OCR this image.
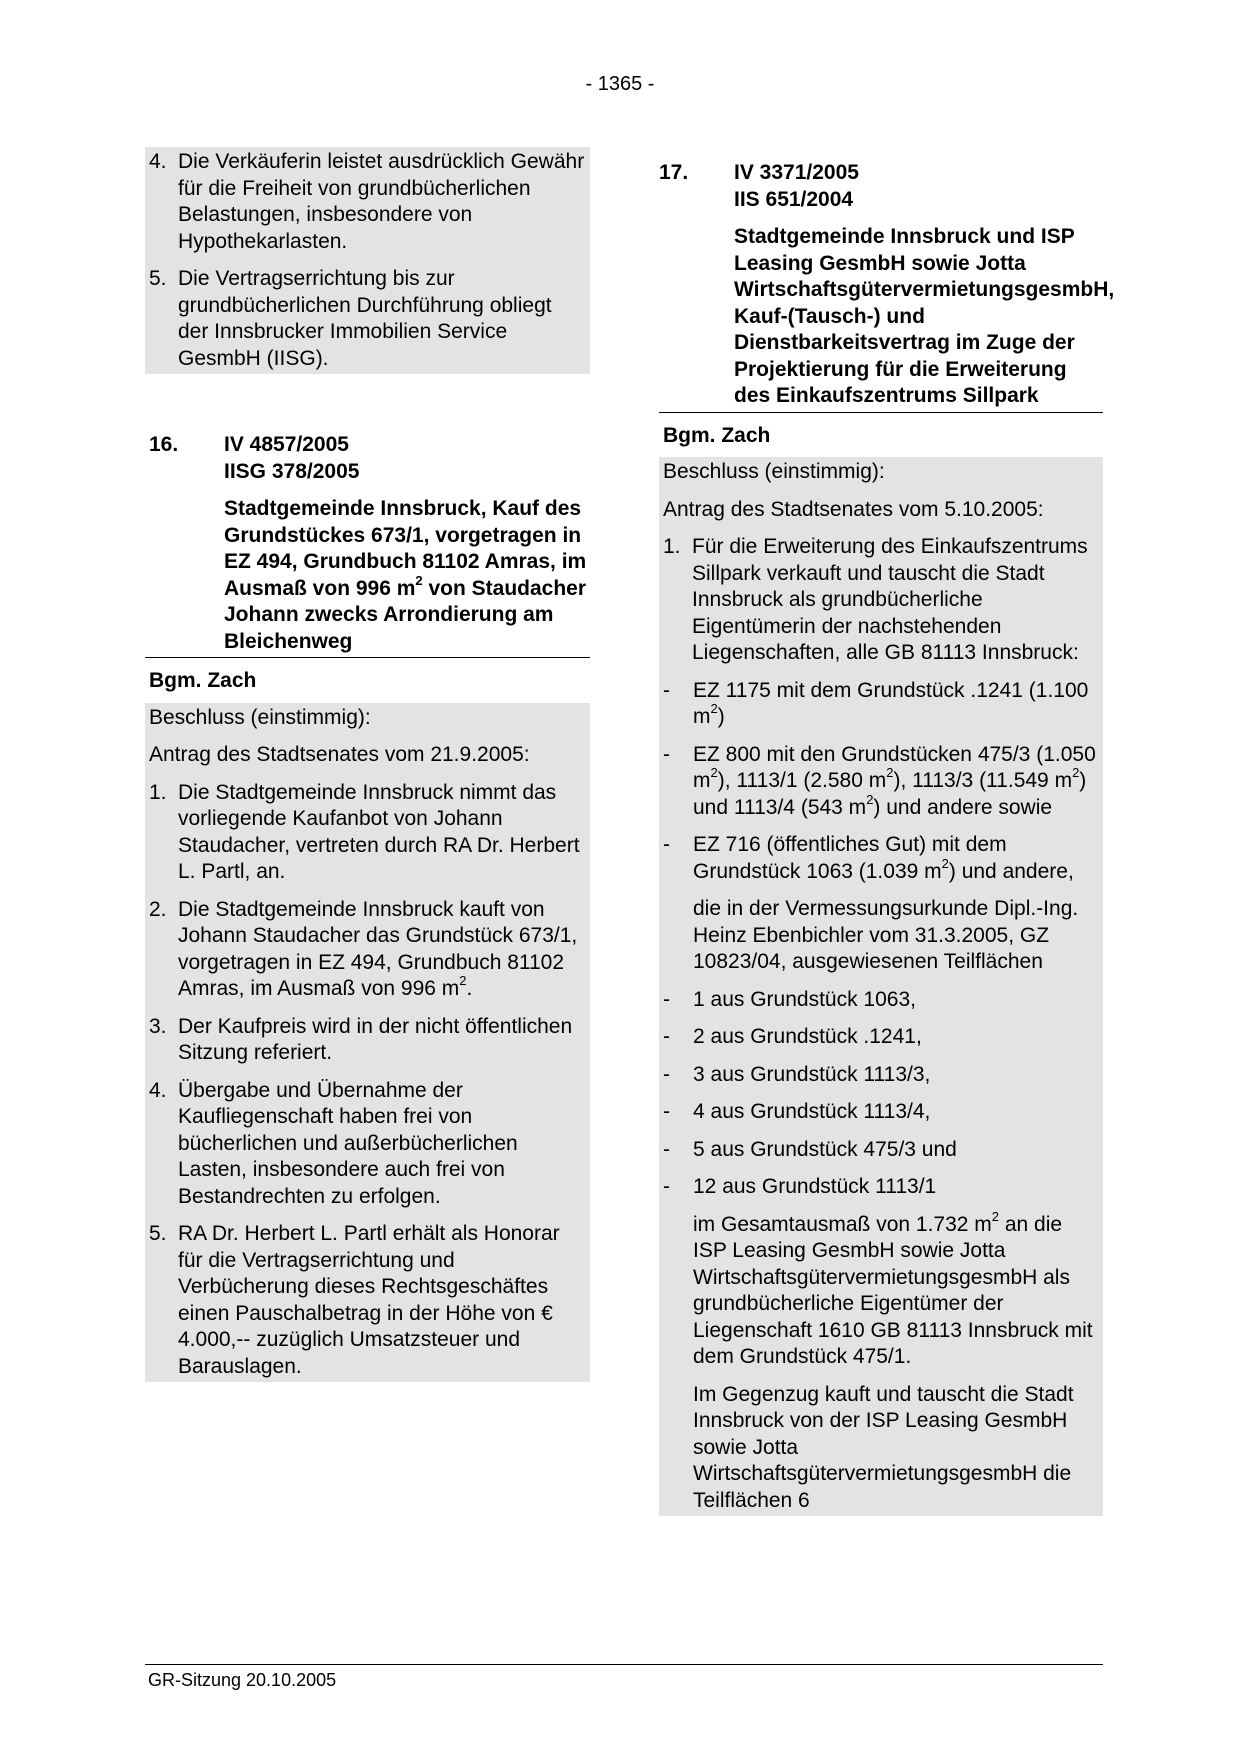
- 1365 -
4. Die Verkäuferin leistet ausdrücklich Gewähr für die Freiheit von grundbücherlichen Belastungen, insbesondere von Hypothekarlasten.
5. Die Vertragserrichtung bis zur grundbücherlichen Durchführung obliegt der Innsbrucker Immobilien Service GesmbH (IISG).
16.	IV 4857/2005
IISG 378/2005
Stadtgemeinde Innsbruck, Kauf des Grundstückes 673/1, vorgetragen in EZ 494, Grundbuch 81102 Amras, im Ausmaß von 996 $m^2$ von Staudacher Johann zwecks Arrondierung am Bleichenweg
Bgm. Zach
Beschluss (einstimmig):
Antrag des Stadtsenates vom 21.9.2005:
1. Die Stadtgemeinde Innsbruck nimmt das vorliegende Kaufanbot von Johann Staudacher, vertreten durch RA Dr. Herbert L. Partl, an.
2. Die Stadtgemeinde Innsbruck kauft von Johann Staudacher das Grundstück 673/1, vorgetragen in EZ 494, Grundbuch 81102 Amras, im Ausmaß von 996 $m^2$.
3. Der Kaufpreis wird in der nicht öffentlichen Sitzung referiert.
4. Übergabe und Übernahme der Kaufliegenschaft haben frei von bücherlichen und außerbücherlichen Lasten, insbesondere auch frei von Bestandrechten zu erfolgen.
5. RA Dr. Herbert L. Partl erhält als Honorar für die Vertragserrichtung und Verbücherung dieses Rechtsgeschäftes einen Pauschalbetrag in der Höhe von € 4.000,-- zuzüglich Umsatzsteuer und Barauslagen.
17.	IV 3371/2005
IIS 651/2004
Stadtgemeinde Innsbruck und ISP Leasing GesmbH sowie Jotta WirtschaftsgütervermietungsgesmbH, Kauf-(Tausch-) und Dienstbarkeitsvertrag im Zuge der Projektierung für die Erweiterung des Einkaufszentrums Sillpark
Bgm. Zach
Beschluss (einstimmig):
Antrag des Stadtsenates vom 5.10.2005:
1. Für die Erweiterung des Einkaufszentrums Sillpark verkauft und tauscht die Stadt Innsbruck als grundbücherliche Eigentümerin der nachstehenden Liegenschaften, alle GB 81113 Innsbruck:
-	EZ 1175 mit dem Grundstück .1241 (1.100 $m^2$)
-	EZ 800 mit den Grundstücken 475/3 (1.050 $m^2$), 1113/1 (2.580 $m^2$), 1113/3 (11.549 $m^2$) und 1113/4 (543 $m^2$) und andere sowie
-	EZ 716 (öffentliches Gut) mit dem Grundstück 1063 (1.039 $m^2$) und andere,
die in der Vermessungsurkunde Dipl.-Ing. Heinz Ebenbichler vom 31.3.2005, GZ 10823/04, ausgewiesenen Teilflächen
-	1 aus Grundstück 1063,
-	2 aus Grundstück .1241,
-	3 aus Grundstück 1113/3,
-	4 aus Grundstück 1113/4,
-	5 aus Grundstück 475/3 und
-	12 aus Grundstück 1113/1
im Gesamtausmaß von 1.732 $m^2$ an die ISP Leasing GesmbH sowie Jotta WirtschaftsgütervermietungsgesmbH als grundbücherliche Eigentümer der Liegenschaft 1610 GB 81113 Innsbruck mit dem Grundstück 475/1.
Im Gegenzug kauft und tauscht die Stadt Innsbruck von der ISP Leasing GesmbH sowie Jotta WirtschaftsgütervermietungsgesmbH die Teilflächen 6
GR-Sitzung 20.10.2005
